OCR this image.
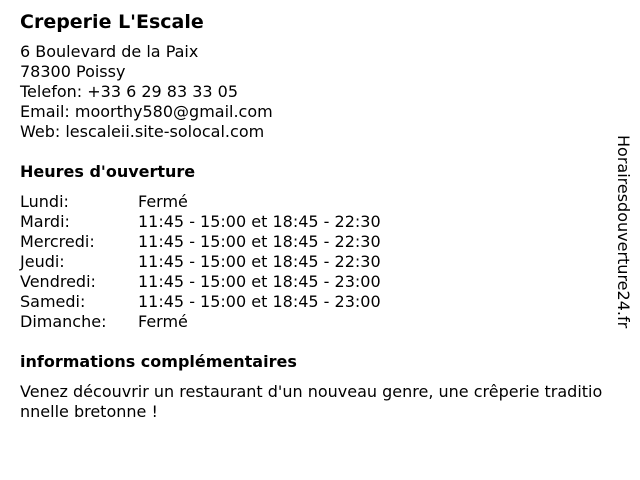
Creperie L'Escale
6 Boulevard de la Paix
78300 Poissy
Telefon: +33 6 29 83 33 05
Email: moorthy580@gmail.com
Web: lescaleii.site-solocal.com
Heures d'ouverture
Lundi:	Fermé
Mardi:	11:45 - 15:00 et 18:45 - 22:30
Mercredi:	11:45 - 15:00 et 18:45 - 22:30
Jeudi:	11:45 - 15:00 et 18:45 - 22:30
Vendredi:	11:45 - 15:00 et 18:45 - 23:00
Samedi:	11:45 - 15:00 et 18:45 - 23:00
Dimanche: Fermé
informations complémentaires
Venez découvrir un restaurant d'un nouveau genre, une crêperie traditionnelle bretonne !
Horairesdouverture24.fr
